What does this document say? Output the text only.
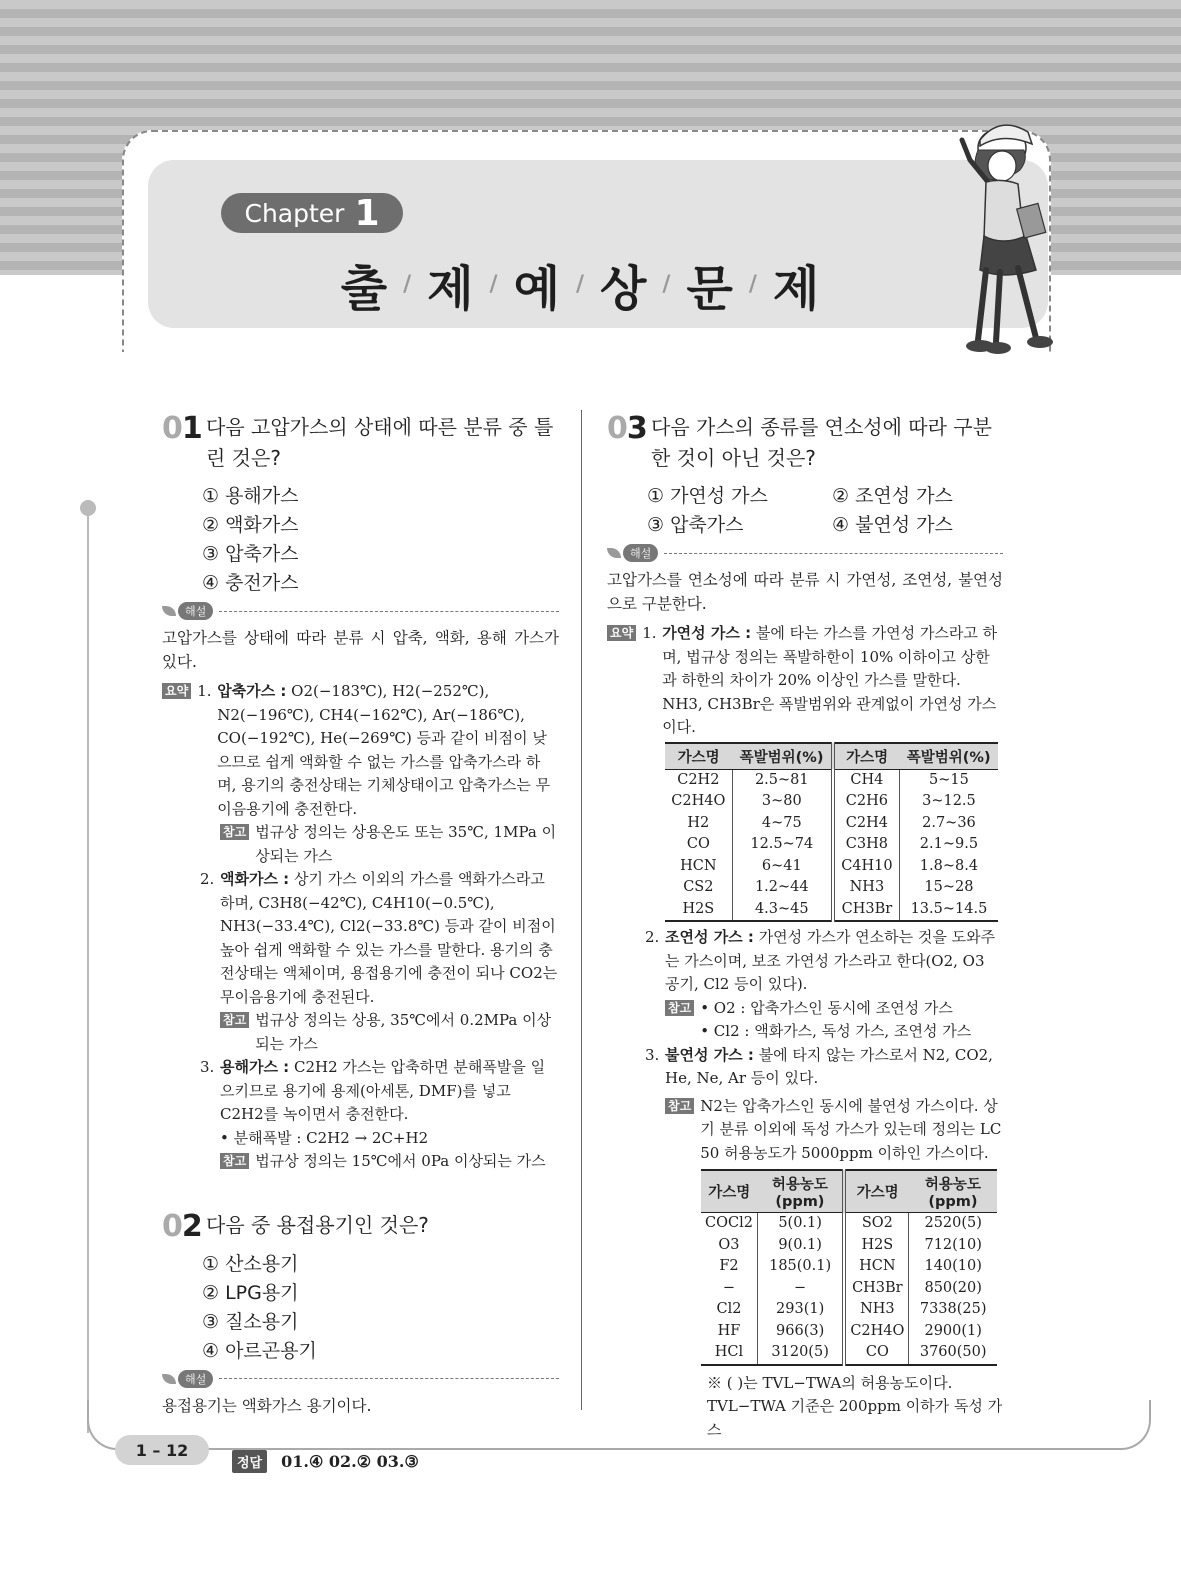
Chapter 1
출 / 제 / 예 / 상 / 문 / 제
01 다음 고압가스의 상태에 따른 분류 중 틀린 것은?
① 용해가스
② 액화가스
③ 압축가스
④ 충전가스
해설
고압가스를 상태에 따라 분류 시 압축, 액화, 용해 가스가 있다.
요약 1. 압축가스 : O2(−183℃), H2(−252℃), N2(−196℃), CH4(−162℃), Ar(−186℃), CO(−192℃), He(−269℃) 등과 같이 비점이 낮으므로 쉽게 액화할 수 없는 가스를 압축가스라 하며, 용기의 충전상태는 기체상태이고 압축가스는 무이음용기에 충전한다.
참고 법규상 정의는 상용온도 또는 35℃, 1MPa 이상되는 가스
2. 액화가스 : 상기 가스 이외의 가스를 액화가스라고 하며, C3H8(−42℃), C4H10(−0.5℃), NH3(−33.4℃), Cl2(−33.8℃) 등과 같이 비점이 높아 쉽게 액화할 수 있는 가스를 말한다. 용기의 충전상태는 액체이며, 용접용기에 충전이 되나 CO2는 무이음용기에 충전된다.
참고 법규상 정의는 상용, 35℃에서 0.2MPa 이상되는 가스
3. 용해가스 : C2H2 가스는 압축하면 분해폭발을 일으키므로 용기에 용제(아세톤, DMF)를 넣고 C2H2를 녹이면서 충전한다.
• 분해폭발 : C2H2 → 2C+H2
참고 법규상 정의는 15℃에서 0Pa 이상되는 가스
02 다음 중 용접용기인 것은?
① 산소용기
② LPG용기
③ 질소용기
④ 아르곤용기
해설
용접용기는 액화가스 용기이다.
03 다음 가스의 종류를 연소성에 따라 구분한 것이 아닌 것은?
① 가연성 가스	② 조연성 가스
③ 압축가스	④ 불연성 가스
해설
고압가스를 연소성에 따라 분류 시 가연성, 조연성, 불연성으로 구분한다.
요약 1. 가연성 가스 : 불에 타는 가스를 가연성 가스라고 하며, 법규상 정의는 폭발하한이 10% 이하이고 상한과 하한의 차이가 20% 이상인 가스를 말한다. NH3, CH3Br은 폭발범위와 관계없이 가연성 가스이다.
가스명	폭발범위(%)	가스명	폭발범위(%)
C2H2	2.5~81	CH4	5~15
C2H4O	3~80	C2H6	3~12.5
H2	4~75	C2H4	2.7~36
CO	12.5~74	C3H8	2.1~9.5
HCN	6~41	C4H10	1.8~8.4
CS2	1.2~44	NH3	15~28
H2S	4.3~45	CH3Br	13.5~14.5
2. 조연성 가스 : 가연성 가스가 연소하는 것을 도와주는 가스이며, 보조 가연성 가스라고 한다(O2, O3 공기, Cl2 등이 있다).
참고 • O2 : 압축가스인 동시에 조연성 가스
• Cl2 : 액화가스, 독성 가스, 조연성 가스
3. 불연성 가스 : 불에 타지 않는 가스로서 N2, CO2, He, Ne, Ar 등이 있다.
참고 N2는 압축가스인 동시에 불연성 가스이다. 상기 분류 이외에 독성 가스가 있는데 정의는 LC 50 허용농도가 5000ppm 이하인 가스이다.
가스명	허용농도 (ppm)	가스명	허용농도 (ppm)
COCl2	5(0.1)	SO2	2520(5)
O3	9(0.1)	H2S	712(10)
F2	185(0.1)	HCN	140(10)
−	−	CH3Br	850(20)
Cl2	293(1)	NH3	7338(25)
HF	966(3)	C2H4O	2900(1)
HCl	3120(5)	CO	3760(50)
※ ( )는 TVL−TWA의 허용농도이다. TVL−TWA 기준은 200ppm 이하가 독성 가스
1 – 12
정답	01.④ 02.② 03.③
